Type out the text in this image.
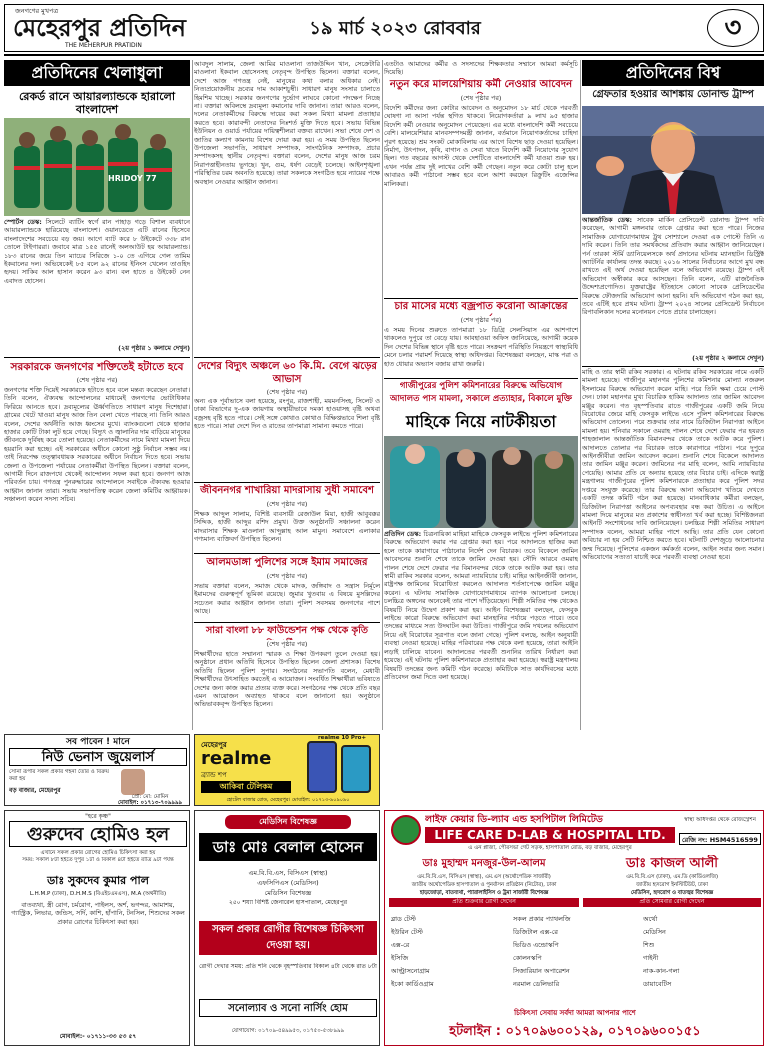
জনগণের মুখপত্র
মেহেরপুর প্রতিদিন
THE MEHERPUR PRATIDIN
১৯ মার্চ ২০২৩ রোববার	৩
প্রতিদিনের খেলাধুলা
রেকর্ড রানে আয়ারল্যান্ডকে হারালো বাংলাদেশ
HRIDOY 77
স্পোর্টস ডেস্ক: সিলেটে ব্যাটিং স্বর্গে রান পাহাড় গড়ে বিশাল ব্যবধানে আয়ারল্যান্ডকে হারিয়েছে বাংলাদেশ। ওয়ানডেতে এটি রানের হিসেবে বাংলাদেশের সবচেয়ে বড় জয়। আগে ব্যাট করে ৮ উইকেটে ৩৩৮ রান তোলে টাইগাররা। জবাবে মাত্র ১৫৫ রানেই অলআউট হয় আয়ারল্যান্ড। ১৮৩ রানের জয়ে তিন ম্যাচের সিরিজে ১-০ তে এগিয়ে গেল তামিম ইকবালের দল। অভিষেকেই ৮৫ বলে ৯২ রানের ইনিংস খেলেন তাওহিদ হৃদয়। সাকিব আল হাসান করেন ৯৩ রান। বল হাতে ৪ উইকেট নেন এবাদত হোসেন।
(২য় পৃষ্ঠার ১ কলামে দেখুন)
সরকারকে জনগণের শক্তিতেই হটাতে হবে
(শেষ পৃষ্ঠার পর)
আবদুল সালাম, জেলা আমির মাওলানা তাজউদ্দিন খান, সেক্রেটারি মাওলানা ইকবাল হোসেনসহ নেতৃবৃন্দ উপস্থিত ছিলেন। বক্তারা বলেন, দেশে আজ গণতন্ত্র নেই, মানুষের কথা বলার অধিকার নেই। নিত্যপ্রয়োজনীয় দ্রব্যের দাম আকাশচুম্বী। সাধারণ মানুষ সংসার চালাতে হিমশিম খাচ্ছে। সরকার জনগণের দুর্ভোগ লাঘবে কোনো পদক্ষেপ নিচ্ছে না। বক্তারা অবিলম্বে দ্রব্যমূল্য কমানোর দাবি জানান। তারা আরও বলেন, দলের নেতাকর্মীদের বিরুদ্ধে দায়ের করা সকল মিথ্যা মামলা প্রত্যাহার করতে হবে। কারাবন্দী নেতাদের নিঃশর্ত মুক্তি দিতে হবে। সভায় বিভিন্ন ইউনিয়ন ও ওয়ার্ড পর্যায়ের দায়িত্বশীলরা বক্তব্য রাখেন। সভা শেষে দেশ ও জাতির কল্যাণ কামনায় বিশেষ দোয়া করা হয়। এ সময় উপস্থিত ছিলেন উপজেলা সভাপতি, সাধারণ সম্পাদক, সাংগঠনিক সম্পাদক, প্রচার সম্পাদকসহ স্থানীয় নেতৃবৃন্দ। বক্তারা বলেন, দেশের মানুষ আজ চরম নিরাপত্তাহীনতায় ভুগছে। খুন, গুম, ধর্ষণ বেড়েই চলেছে। আইনশৃঙ্খলা পরিস্থিতির চরম অবনতি হয়েছে। তারা সকলকে সংগঠিত হয়ে ন্যায়ের পক্ষে অবস্থান নেওয়ার আহ্বান জানান।
জনগণের শক্তি দিয়েই সরকারকে হটাতে হবে বলে মন্তব্য করেছেন নেতারা। তিনি বলেন, ঐক্যবদ্ধ আন্দোলনের মাধ্যমেই জনগণের ভোটাধিকার ফিরিয়ে আনতে হবে। দ্রব্যমূল্যের ঊর্ধ্বগতিতে সাধারণ মানুষ দিশেহারা। গ্রামের খেটে খাওয়া মানুষ আজ তিন বেলা খেতে পারছে না। তিনি আরও বলেন, দেশের অর্থনীতি আজ ধ্বংসের মুখে। ব্যাংকগুলো থেকে হাজার হাজার কোটি টাকা লুট হয়ে গেছে। বিদ্যুৎ ও জ্বালানির দাম বাড়িয়ে মানুষের জীবনকে দুর্বিষহ করে তোলা হয়েছে। নেতাকর্মীদের নামে মিথ্যা মামলা দিয়ে হয়রানি করা হচ্ছে। এই সরকারের অধীনে কোনো সুষ্ঠু নির্বাচন সম্ভব নয়। তাই নিরপেক্ষ তত্ত্বাবধায়ক সরকারের অধীনে নির্বাচন দিতে হবে। সভায় জেলা ও উপজেলা পর্যায়ের নেতাকর্মীরা উপস্থিত ছিলেন। বক্তারা বলেন, আগামী দিনে রাজপথে থেকেই আন্দোলন সফল করা হবে। জনগণ আজ পরিবর্তন চায়। গণতন্ত্র পুনরুদ্ধারের আন্দোলনে সবাইকে ঐক্যবদ্ধ হওয়ার আহ্বান জানান তারা। সভায় সভাপতিত্ব করেন জেলা কমিটির আহ্বায়ক। সঞ্চালনা করেন সদস্য সচিব।
দেশের বিদ্যুৎ অঞ্চলে ৬০ কি.মি. বেগে ঝড়ের আভাস
(শেষ পৃষ্ঠার পর)
অন্য এক পূর্বাভাসে বলা হয়েছে, রংপুর, রাজশাহী, ময়মনসিংহ, সিলেট ও ঢাকা বিভাগের দু-এক জায়গায় অস্থায়ীভাবে দমকা হাওয়াসহ বৃষ্টি অথবা বজ্রসহ বৃষ্টি হতে পারে। সেই সঙ্গে কোথাও কোথাও বিক্ষিপ্তভাবে শিলা বৃষ্টি হতে পারে। সারা দেশে দিন ও রাতের তাপমাত্রা সামান্য কমতে পারে।
জীবননগর শাখারিয়া মাদরাসায় সুধী সমাবেশ
(শেষ পৃষ্ঠার পর)
শিক্ষক আব্দুল সালাম, বিশিষ্ট ব্যবসায়ী রেজাউল মিয়া, হাজী আবুবক্কর সিদ্দিক, হাজী আব্দুর রশিদ প্রমুখ। উক্ত অনুষ্ঠানটি সঞ্চালনা করেন মাদরাসার শিক্ষক মাওলানা আব্দুল্লাহ আল মামুন। সমাবেশে এলাকার গণ্যমান্য ব্যক্তিবর্গ উপস্থিত ছিলেন।
আলমডাঙ্গা পুলিশের সঙ্গে ইমাম সমাজের
(শেষ পৃষ্ঠার পর)
সভায় বক্তারা বলেন, সমাজ থেকে মাদক, জঙ্গিবাদ ও সন্ত্রাস নির্মূলে ইমামদের গুরুত্বপূর্ণ ভূমিকা রয়েছে। জুমার খুতবায় এ বিষয়ে মুসল্লিদের সচেতন করার আহ্বান জানান তারা। পুলিশ সবসময় জনগণের পাশে আছে।
সারা বাংলা ৮৮ ফাউন্ডেশন পক্ষ থেকে কৃতি
(শেষ পৃষ্ঠার পর)
শিক্ষার্থীদের হাতে সম্মাননা স্মারক ও শিক্ষা উপকরণ তুলে দেওয়া হয়। অনুষ্ঠানে প্রধান অতিথি হিসেবে উপস্থিত ছিলেন জেলা প্রশাসক। বিশেষ অতিথি ছিলেন পুলিশ সুপার। সংগঠনের সভাপতি বলেন, মেধাবী শিক্ষার্থীদের উৎসাহিত করতেই এ আয়োজন। সংবর্ধিত শিক্ষার্থীরা ভবিষ্যতে দেশের জন্য কাজ করার প্রত্যয় ব্যক্ত করে। সংগঠনের পক্ষ থেকে প্রতি বছর এমন আয়োজন অব্যাহত থাকবে বলে জানানো হয়। অনুষ্ঠানে অভিভাবকবৃন্দ উপস্থিত ছিলেন।
এতটাও আমাদের কর্মীর ও সদস্যদের শিক্ষকতার সম্মানে আমরা কর্মসূচি দিয়েছি।
নতুন করে মালয়েশিয়ায় কর্মী নেওয়ার আবেদন
(শেষ পৃষ্ঠার পর)
বিদেশি কর্মীদের জন্য কোটার আবেদন ও অনুমোদন ১৮ মার্চ থেকে পরবর্তী ঘোষণা না আসা পর্যন্ত স্থগিত থাকবে। নিয়োগকর্তারা ৯ লাখ ৯৫ হাজার বিদেশি কর্মী নেওয়ার অনুমোদন পেয়েছেন। এর মধ্যে বাংলাদেশি কর্মী সবচেয়ে বেশি। মালয়েশিয়ার মানবসম্পদমন্ত্রী জানান, বর্তমানে নিয়োগকর্তাদের চাহিদা পূরণ হয়েছে। শ্রম সংকট মোকাবিলায় এর আগে বিশেষ ছাড় দেওয়া হয়েছিল। নির্মাণ, উৎপাদন, কৃষি, বাগান ও সেবা খাতে বিদেশি কর্মী নিয়োগের সুযোগ ছিল। গত বছরের আগস্ট থেকে দেশটিতে বাংলাদেশি কর্মী যাওয়া শুরু হয়। এখন পর্যন্ত প্রায় দুই লাখের বেশি কর্মী গেছেন। নতুন করে কোটা চালু হলে আবারও কর্মী পাঠানো সম্ভব হবে বলে আশা করছেন রিক্রুটিং এজেন্সির মালিকরা।
চার মাসের মধ্যে বজ্রপাত করোনা আক্রান্তের
(শেষ পৃষ্ঠার পর)
এ সময় দিনের শুরুতে তাপমাত্রা ১৮ ডিগ্রি সেলসিয়াস এর আশপাশে থাকলেও দুপুরে তা বেড়ে যায়। আবহাওয়া অফিস জানিয়েছে, আগামী কয়েক দিন দেশের বিভিন্ন স্থানে বৃষ্টি হতে পারে। সংক্রমণ পরিস্থিতি নিয়ন্ত্রণে স্বাস্থ্যবিধি মেনে চলার পরামর্শ দিয়েছে স্বাস্থ্য অধিদপ্তর। বিশেষজ্ঞরা বলছেন, মাস্ক পরা ও হাত ধোয়ার অভ্যাস বজায় রাখা জরুরি।
গাজীপুরের পুলিশ কমিশনারের বিরুদ্ধে অভিযোগ আদালত পাস মামলা, সকালে প্রত্যাহার, বিকালে মুক্তি
মাহিকে নিয়ে নাটকীয়তা
প্রতিদিন ডেস্ক: চিত্রনায়িকা মাহিয়া মাহিকে ফেসবুক লাইভে পুলিশ কমিশনারের বিরুদ্ধে অভিযোগ করার পর গ্রেপ্তার করা হয়। পরে আদালতে হাজির করা হলে তাকে কারাগারে পাঠানোর নির্দেশ দেন বিচারক। তবে বিকেলে জামিন আবেদনের শুনানি শেষে তাকে জামিন দেওয়া হয়। সৌদি আরবে ওমরাহ পালন শেষে দেশে ফেরার পর বিমানবন্দর থেকে তাকে আটক করা হয়। তার স্বামী রাকিব সরকার বলেন, আমরা ন্যায়বিচার চাই। মাহির আইনজীবী জানান, রাষ্ট্রপক্ষ জামিনের বিরোধিতা করলেও আদালত শর্তসাপেক্ষে জামিন মঞ্জুর করেন। এ ঘটনায় সামাজিক যোগাযোগমাধ্যমে ব্যাপক আলোচনা চলছে। চলচ্চিত্র অঙ্গনের অনেকেই তার পাশে দাঁড়িয়েছেন। শিল্পী সমিতির পক্ষ থেকেও বিষয়টি নিয়ে উদ্বেগ প্রকাশ করা হয়। আইন বিশেষজ্ঞরা বলছেন, ফেসবুক লাইভে কারো বিরুদ্ধে অভিযোগ করা মানহানির পর্যায়ে পড়তে পারে। তবে তদন্তের মাধ্যমে সত্য উদঘাটন করা উচিত। গাজীপুরে জমি দখলের অভিযোগ নিয়ে এই বিরোধের সূত্রপাত বলে জানা গেছে। পুলিশ বলছে, আইন অনুযায়ী ব্যবস্থা নেওয়া হয়েছে। মাহির পরিবারের পক্ষ থেকে বলা হয়েছে, তারা আইনি লড়াই চালিয়ে যাবেন। আদালতের পরবর্তী শুনানির তারিখ নির্ধারণ করা হয়েছে। এই ঘটনায় পুলিশ কমিশনারকে প্রত্যাহার করা হয়েছে। স্বরাষ্ট্র মন্ত্রণালয় বিষয়টি তদন্তের জন্য কমিটি গঠন করেছে। কমিটিকে সাত কার্যদিবসের মধ্যে প্রতিবেদন জমা দিতে বলা হয়েছে।
প্রতিদিনের বিশ্ব
গ্রেফতার হওয়ার আশঙ্কায় ডোনাল্ড ট্রাম্প
আন্তর্জাতিক ডেস্ক: সাবেক মার্কিন প্রেসিডেন্ট ডোনাল্ড ট্রাম্প দাবি করেছেন, আগামী মঙ্গলবার তাকে গ্রেপ্তার করা হতে পারে। নিজের সামাজিক যোগাযোগমাধ্যম ট্রুথ সোশ্যালে দেওয়া এক পোস্টে তিনি এ দাবি করেন। তিনি তার সমর্থকদের প্রতিবাদ করার আহ্বান জানিয়েছেন। পর্ন তারকা স্টর্মি ড্যানিয়েলসকে অর্থ প্রদানের ঘটনায় ম্যানহাটন ডিস্ট্রিক্ট অ্যাটর্নির কার্যালয় তদন্ত করছে। ২০১৬ সালের নির্বাচনের আগে মুখ বন্ধ রাখতে এই অর্থ দেওয়া হয়েছিল বলে অভিযোগ রয়েছে। ট্রাম্প এই অভিযোগ অস্বীকার করে আসছেন। তিনি বলেন, এটি রাজনৈতিক উদ্দেশ্যপ্রণোদিত। যুক্তরাষ্ট্রের ইতিহাসে কোনো সাবেক প্রেসিডেন্টের বিরুদ্ধে ফৌজদারি অভিযোগ আনা হয়নি। যদি অভিযোগ গঠন করা হয়, তবে এটিই হবে প্রথম ঘটনা। ট্রাম্প ২০২৪ সালের প্রেসিডেন্ট নির্বাচনে রিপাবলিকান দলের মনোনয়ন পেতে প্রচার চালাচ্ছেন।
(২য় পৃষ্ঠার ২ কলামে দেখুন)
মাহি ও তার স্বামী রকিব সরকার। এ ঘটনায় রকিব সরকারের নামে একটি মামলা হয়েছে। গাজীপুর মহানগর পুলিশের কমিশনার মোল্যা নজরুল ইসলামের বিরুদ্ধে অভিযোগ করেন মাহি। পরে তিনি ক্ষমা চেয়ে পোস্ট দেন। ঢাকা মহানগর মুখ্য বিচারিক হাকিম আদালত তার জামিন আবেদন মঞ্জুর করেন। গত বৃহস্পতিবার রাতে গাজীপুরের একটি জমি নিয়ে বিরোধের জেরে মাহি ফেসবুক লাইভে এসে পুলিশ কমিশনারের বিরুদ্ধে অভিযোগ তোলেন। পরে শুক্রবার তার নামে ডিজিটাল নিরাপত্তা আইনে মামলা হয়। শনিবার সকালে ওমরাহ পালন শেষে দেশে ফেরার পর হযরত শাহজালাল আন্তর্জাতিক বিমানবন্দর থেকে তাকে আটক করে পুলিশ। আদালতে তোলার পর বিচারক তাকে কারাগারে পাঠান। পরে দুপুরে আইনজীবীরা জামিন আবেদন করেন। শুনানি শেষে বিকেলে আদালত তার জামিন মঞ্জুর করেন। জামিনের পর মাহি বলেন, আমি ন্যায়বিচার পেয়েছি। আমার প্রতি যে অন্যায় হয়েছে তার বিচার চাই। এদিকে স্বরাষ্ট্র মন্ত্রণালয় গাজীপুরের পুলিশ কমিশনারকে প্রত্যাহার করে পুলিশ সদর দপ্তরে সংযুক্ত করেছে। তার বিরুদ্ধে আনা অভিযোগ খতিয়ে দেখতে একটি তদন্ত কমিটি গঠন করা হয়েছে। মানবাধিকার কর্মীরা বলছেন, ডিজিটাল নিরাপত্তা আইনের অপব্যবহার বন্ধ করা উচিত। এ আইনে মামলা দিয়ে মানুষের মত প্রকাশের স্বাধীনতা খর্ব করা হচ্ছে। বিশিষ্টজনরা আইনটি সংশোধনের দাবি জানিয়েছেন। চলচ্চিত্র শিল্পী সমিতির সাধারণ সম্পাদক বলেন, আমরা মাহির পাশে আছি। তার প্রতি যেন কোনো অবিচার না হয় সেটি নিশ্চিত করতে হবে। ঘটনাটি দেশজুড়ে আলোচনার জন্ম দিয়েছে। পুলিশের একজন কর্মকর্তা বলেন, আইন সবার জন্য সমান। অভিযোগের সত্যতা যাচাই করে পরবর্তী ব্যবস্থা নেওয়া হবে।
সব পাবেন ! মানে
নিউ ভেনাস জুয়েলার্স
সোনা রূপার সকল প্রকার গহনা তৈরি ও বিক্রয় করা হয়
বড় বাজার, মেহেরপুর
প্রো: মো: মোমিন
মোবাইল: ০১৭১৩-৭০৯৯৯৯
মেহেরপুর
realme
ব্র্যান্ড শপ
আকিবা টেলিকম
realme 10 Pro+
হোটেল বাজার রোড, মেহেরপুর। মোবাইল: ০১৭১৩-৯০৯০৯০
"হরে কৃষ্ণ"
গুরুদেব হোমিও হল
এখানে সকল প্রকার রোগের হোমিও চিকিৎসা করা হয়
সময়: সকাল ৮টা হইতে দুপুর ১টা ও বিকাল ৪টা হইতে রাত্রি ৯টা পর্যন্ত
ডাঃ সুকদেব কুমার পাল
L.H.M.P (ঢাকা), D.H.M.S (বিএইচএমএস), M.A (অর্থনীতি)
বাতব্যথা, স্ত্রী রোগ, চর্মরোগ, পাইলস, অর্শ, ভগন্দর, আমাশয়, গ্যাস্ট্রিক, লিভার, জন্ডিস, সর্দি, কাশি, হাঁপানি, টনসিল, শিশুদের সকল প্রকার রোগের চিকিৎসা করা হয়।
মোবাইল:- ০১৭১১-৩৩ ৫৩ ৫৭
মেডিসিন বিশেষজ্ঞ
ডাঃ মোঃ বেলাল হোসেন
এম.বি.বি.এস, বিসিএস (স্বাস্থ্য)
এফসিপিএস (মেডিসিন)
মেডিসিন বিশেষজ্ঞ
২৫০ শয্যা বিশিষ্ট জেনারেল হাসপাতাল, মেহেরপুর
সকল প্রকার রোগীর বিশেষজ্ঞ চিকিৎসা দেওয়া হয়।
রোগী দেখার সময়: প্রতি শনি থেকে বৃহস্পতিবার বিকাল ৪টা থেকে রাত ৮টা
সনোল্যাব ও সনো নার্সিং হোম
যোগাযোগ: ০১৭০৯-৫৪৯৯৫৩, ০১৭৫০-৫৩৮৯৯৯
লাইফ কেয়ার ডি-ল্যাব এন্ড হসপিটাল লিমিটেড
LIFE CARE D-LAB & HOSPITAL LTD.
এ এন প্লাজা, পৌরসভা গেট সড়ক, হাসপাতাল রোড, বড় বাজার, মেহেরপুর
স্বাস্থ্য অধিদপ্তর থেকে রেজিস্ট্রেশন
রেজি নং: HSM4516599
ডাঃ মুহাম্মদ মনজুর-উল-আলম
এম.বি.বি.এস, বিসিএস (স্বাস্থ্য), এম.এস (অর্থোপেডিক সার্জারী)
জাতীয় অর্থোপেডিক হাসপাতাল ও পুনর্বাসন প্রতিষ্ঠান (নিটোর), ঢাকা
হাড়জোড়া, বাতব্যথা, প্যারালাইসিস ও ট্রমা সার্জারী বিশেষজ্ঞ
প্রতি শুক্রবার রোগী দেখেন
ডাঃ কাজল আলী
এম.বি.বি.এস (ঢাকা), এম.ডি (কার্ডিওলজি)
জাতীয় হৃদরোগ ইনস্টিটিউট, ঢাকা
মেডিসিন, হৃদরোগ ও বাতজ্বর বিশেষজ্ঞ
প্রতি সোমবার রোগী দেখেন
ব্লাড টেস্ট
ইউরিন টেস্ট
এক্স-রে
ইসিজি
আল্ট্রাসনোগ্রাম
ইকো কার্ডিওগ্রাম
সকল প্রকার প্যাথলজি
ডিজিটাল এক্স-রে
ভিডিও এন্ডোস্কপি
কোলনস্কপি
সিজারিয়ান অপারেশন
নরমাল ডেলিভারি
অর্থো
মেডিসিন
শিশু
গাইনী
নাক-কান-গলা
ডায়াবেটিস
চিকিৎসা সেবায় সর্বদা আমরা আপনার পাশে
হটলাইন : ০১৭০৯৬০০১২৯, ০১৭০৯৬০০১৫১
